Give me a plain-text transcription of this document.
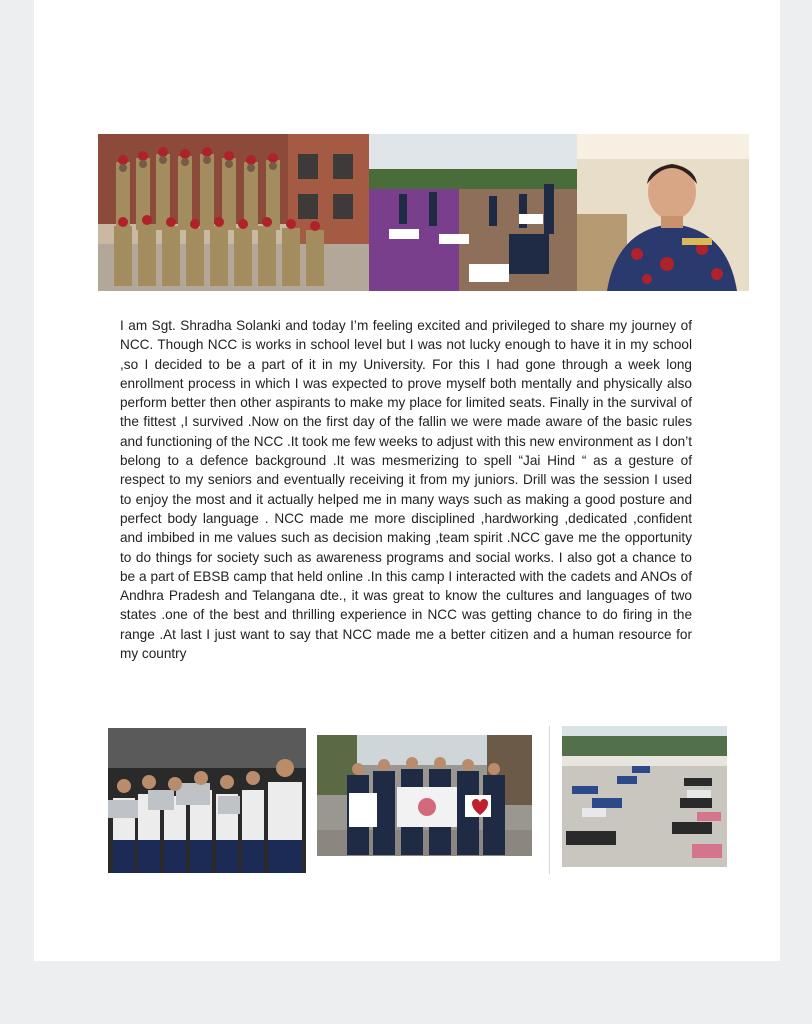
I am Sgt. Shradha Solanki and today I’m feeling excited and privileged to share my journey of NCC. Though NCC is works in school level but I was not lucky enough to have it in my school ,so I decided to be a part of it in my University. For this I had gone through a week long enrollment process in which I was expected to prove myself both mentally and physically also perform better then other aspirants to make my place for limited seats. Finally in the survival of the fittest ,I survived .Now on the first day of the fallin we were made aware of the basic rules and functioning of the NCC .It took me few weeks to adjust with this new environment as I don’t belong to a defence background .It was mesmerizing to spell “Jai Hind “ as a gesture of respect to my seniors and eventually receiving it from my juniors. Drill was the session I used to enjoy the most and it actually helped me in many ways such as making a good posture and perfect body language . NCC made me more disciplined ,hardworking ,dedicated ,confident and imbibed in me values such as decision making ,team spirit .NCC gave me the opportunity to do things for society such as awareness programs and social works. I also got a chance to be a part of EBSB camp that held online .In this camp I interacted with the cadets and ANOs of Andhra Pradesh and Telangana dte., it was great to know the cultures and languages of two states .one of the best and thrilling experience in NCC was getting chance to do firing in the range .At last I just want to say that NCC made me a better citizen and a human resource for my country
